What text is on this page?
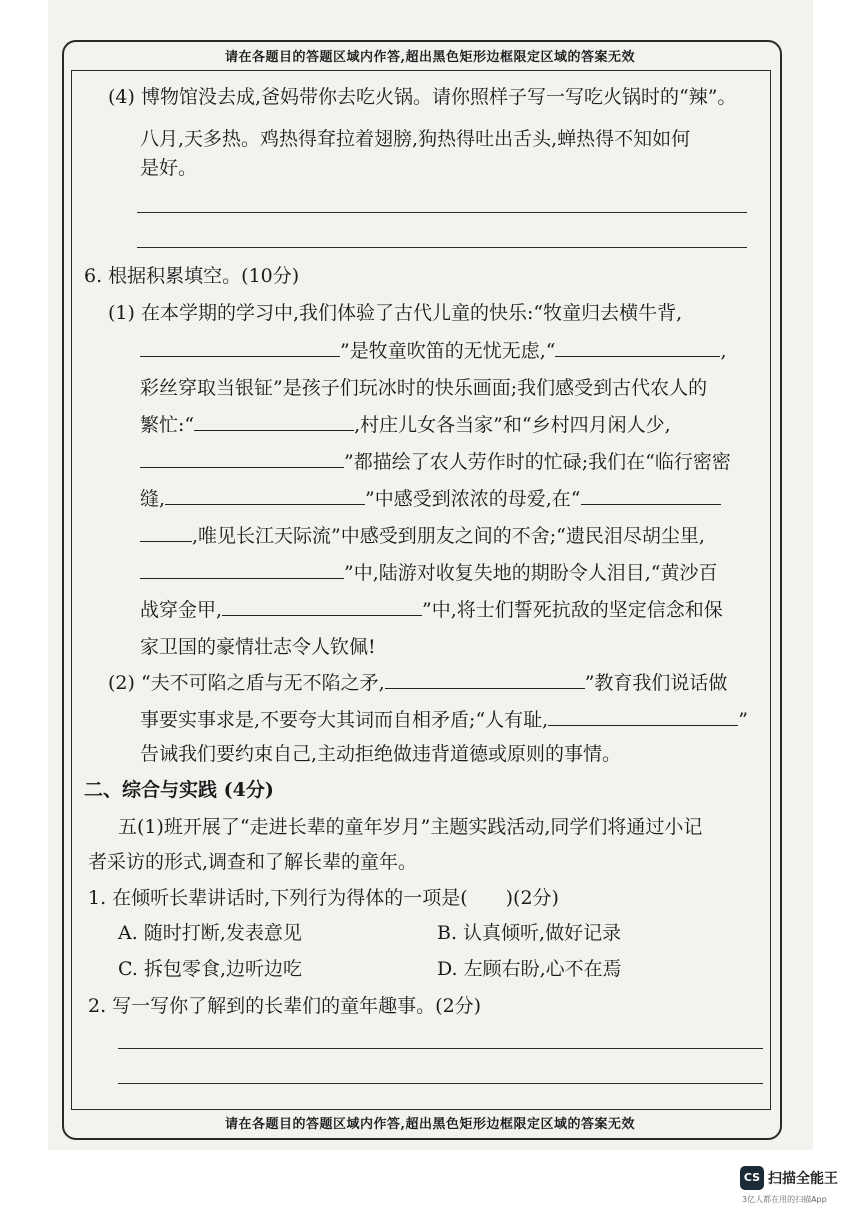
请在各题目的答题区域内作答,超出黑色矩形边框限定区域的答案无效
(4) 博物馆没去成,爸妈带你去吃火锅。请你照样子写一写吃火锅时的“辣”。
八月,天多热。鸡热得耷拉着翅膀,狗热得吐出舌头,蝉热得不知如何
是好。
6. 根据积累填空。(10分)
(1) 在本学期的学习中,我们体验了古代儿童的快乐:“牧童归去横牛背,
”是牧童吹笛的无忧无虑,“	,
彩丝穿取当银钲”是孩子们玩冰时的快乐画面;我们感受到古代农人的
繁忙:“	,村庄儿女各当家”和“乡村四月闲人少,
”都描绘了农人劳作时的忙碌;我们在“临行密密
缝,	”中感受到浓浓的母爱,在“
,唯见长江天际流”中感受到朋友之间的不舍;“遗民泪尽胡尘里,
”中,陆游对收复失地的期盼令人泪目,“黄沙百
战穿金甲,	”中,将士们誓死抗敌的坚定信念和保
家卫国的豪情壮志令人钦佩!
(2) “夫不可陷之盾与无不陷之矛,	”教育我们说话做
事要实事求是,不要夸大其词而自相矛盾;“人有耻,	”
告诫我们要约束自己,主动拒绝做违背道德或原则的事情。
二、综合与实践 (4分)
五(1)班开展了“走进长辈的童年岁月”主题实践活动,同学们将通过小记
者采访的形式,调查和了解长辈的童年。
1. 在倾听长辈讲话时,下列行为得体的一项是( )(2分)
A. 随时打断,发表意见	B. 认真倾听,做好记录
C. 拆包零食,边听边吃	D. 左顾右盼,心不在焉
2. 写一写你了解到的长辈们的童年趣事。(2分)
请在各题目的答题区域内作答,超出黑色矩形边框限定区域的答案无效
CS 扫描全能王
3亿人都在用的扫描App
